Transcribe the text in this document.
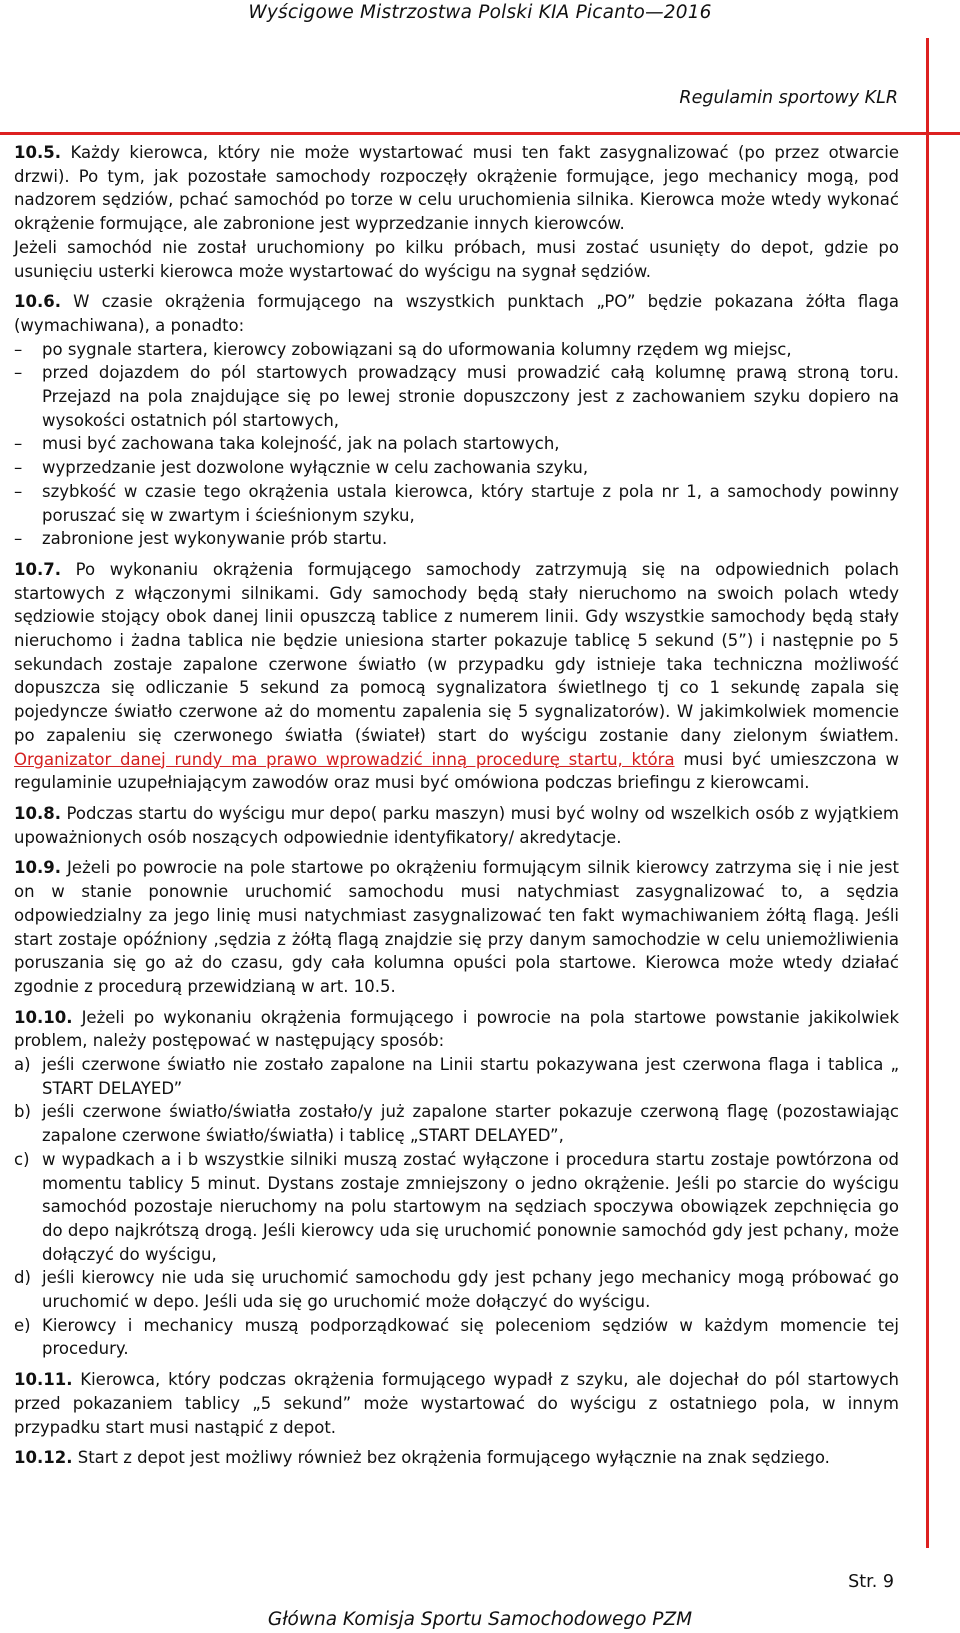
Wyścigowe Mistrzostwa Polski KIA Picanto—2016
Regulamin sportowy KLR

10.5. Każdy kierowca, który nie może wystartować musi ten fakt zasygnalizować (po przez otwarcie drzwi). Po tym, jak pozostałe samochody rozpoczęły okrążenie formujące, jego mechanicy mogą, pod nadzorem sędziów, pchać samochód po torze w celu uruchomienia silnika. Kierowca może wtedy wykonać okrążenie formujące, ale zabronione jest wyprzedzanie innych kierowców.

Jeżeli samochód nie został uruchomiony po kilku próbach, musi zostać usunięty do depot, gdzie po usunięciu usterki kierowca może wystartować do wyścigu na sygnał sędziów.

10.6. W czasie okrążenia formującego na wszystkich punktach „PO” będzie pokazana żółta flaga (wymachiwana), a ponadto:

– po sygnale startera, kierowcy zobowiązani są do uformowania kolumny rzędem wg miejsc,

– przed dojazdem do pól startowych prowadzący musi prowadzić całą kolumnę prawą stroną toru. Przejazd na pola znajdujące się po lewej stronie dopuszczony jest z zachowaniem szyku dopiero na wysokości ostatnich pól startowych,

– musi być zachowana taka kolejność, jak na polach startowych,

– wyprzedzanie jest dozwolone wyłącznie w celu zachowania szyku,

– szybkość w czasie tego okrążenia ustala kierowca, który startuje z pola nr 1, a samochody powinny poruszać się w zwartym i ścieśnionym szyku,

– zabronione jest wykonywanie prób startu.

10.7. Po wykonaniu okrążenia formującego samochody zatrzymują się na odpowiednich polach startowych z włączonymi silnikami. Gdy samochody będą stały nieruchomo na swoich polach wtedy sędziowie stojący obok danej linii opuszczą tablice z numerem linii. Gdy wszystkie samochody będą stały nieruchomo i żadna tablica nie będzie uniesiona starter pokazuje tablicę 5 sekund (5”) i następnie po 5 sekundach zostaje zapalone czerwone światło (w przypadku gdy istnieje taka techniczna możliwość dopuszcza się odliczanie 5 sekund za pomocą sygnalizatora świetlnego tj co 1 sekundę zapala się pojedyncze światło czerwone aż do momentu zapalenia się 5 sygnalizatorów). W jakimkolwiek momencie po zapaleniu się czerwonego światła (świateł) start do wyścigu zostanie dany zielonym światłem. Organizator danej rundy ma prawo wprowadzić inną procedurę startu, która musi być umieszczona w regulaminie uzupełniającym zawodów oraz musi być omówiona podczas briefingu z kierowcami.

10.8. Podczas startu do wyścigu mur depo( parku maszyn) musi być wolny od wszelkich osób z wyjątkiem upoważnionych osób noszących odpowiednie identyfikatory/ akredytacje.

10.9. Jeżeli po powrocie na pole startowe po okrążeniu formującym silnik kierowcy zatrzyma się i nie jest on w stanie ponownie uruchomić samochodu musi natychmiast zasygnalizować to, a sędzia odpowiedzialny za jego linię musi natychmiast zasygnalizować ten fakt wymachiwaniem żółtą flagą. Jeśli start zostaje opóźniony ,sędzia z żółtą flagą znajdzie się przy danym samochodzie w celu uniemożliwienia poruszania się go aż do czasu, gdy cała kolumna opuści pola startowe. Kierowca może wtedy działać zgodnie z procedurą przewidzianą w art. 10.5.

10.10. Jeżeli po wykonaniu okrążenia formującego i powrocie na pola startowe powstanie jakikolwiek problem, należy postępować w następujący sposób:

a) jeśli czerwone światło nie zostało zapalone na Linii startu pokazywana jest czerwona flaga i tablica „ START DELAYED”

b) jeśli czerwone światło/światła zostało/y już zapalone starter pokazuje czerwoną flagę (pozostawiając zapalone czerwone światło/światła) i tablicę „START DELAYED”,

c) w wypadkach a i b wszystkie silniki muszą zostać wyłączone i procedura startu zostaje powtórzona od momentu tablicy 5 minut. Dystans zostaje zmniejszony o jedno okrążenie. Jeśli po starcie do wyścigu samochód pozostaje nieruchomy na polu startowym na sędziach spoczywa obowiązek zepchnięcia go do depo najkrótszą drogą. Jeśli kierowcy uda się uruchomić ponownie samochód gdy jest pchany, może dołączyć do wyścigu,

d) jeśli kierowcy nie uda się uruchomić samochodu gdy jest pchany jego mechanicy mogą próbować go uruchomić w depo. Jeśli uda się go uruchomić może dołączyć do wyścigu.

e) Kierowcy i mechanicy muszą podporządkować się poleceniom sędziów w każdym momencie tej procedury.

10.11. Kierowca, który podczas okrążenia formującego wypadł z szyku, ale dojechał do pól startowych przed pokazaniem tablicy „5 sekund” może wystartować do wyścigu z ostatniego pola, w innym przypadku start musi nastąpić z depot.

10.12. Start z depot jest możliwy również bez okrążenia formującego wyłącznie na znak sędziego.

Str. 9
Główna Komisja Sportu Samochodowego PZM
